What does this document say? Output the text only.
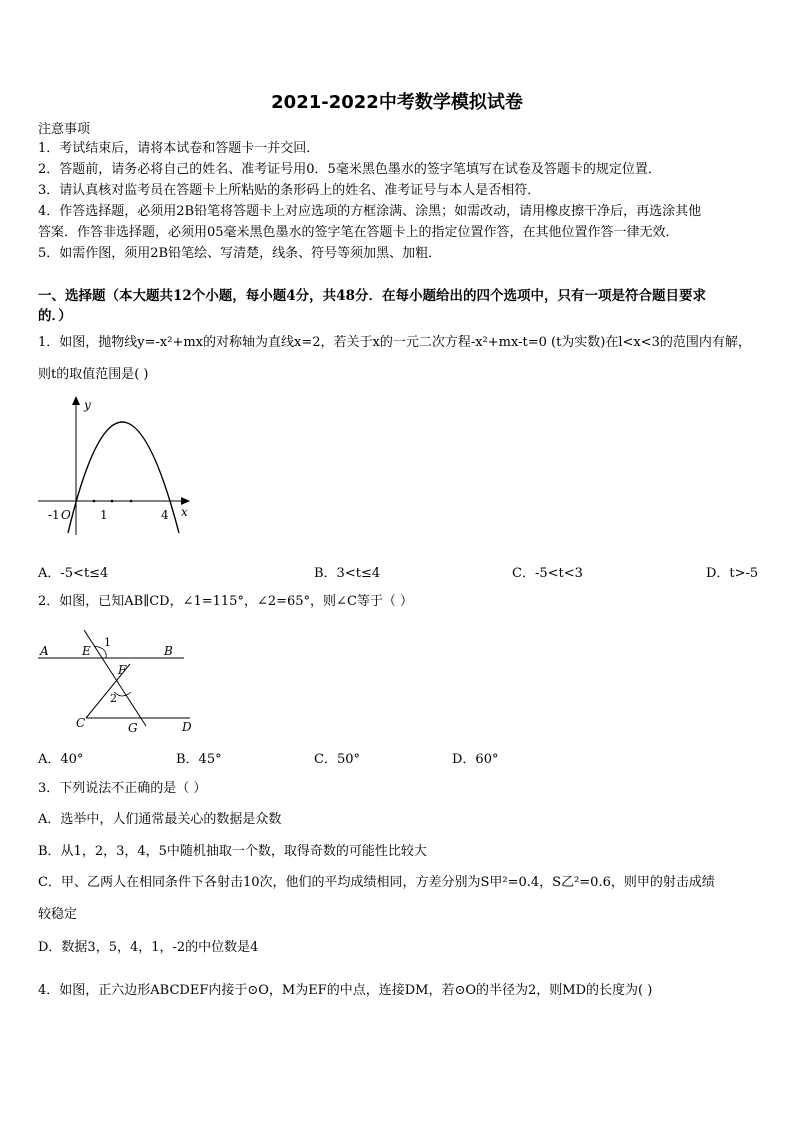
2021-2022中考数学模拟试卷
注意事项
1．考试结束后，请将本试卷和答题卡一并交回．
2．答题前，请务必将自己的姓名、准考证号用0．5毫米黑色墨水的签字笔填写在试卷及答题卡的规定位置．
3．请认真核对监考员在答题卡上所粘贴的条形码上的姓名、准考证号与本人是否相符．
4．作答选择题，必须用2B铅笔将答题卡上对应选项的方框涂满、涂黑；如需改动，请用橡皮擦干净后，再选涂其他
答案．作答非选择题，必须用05毫米黑色墨水的签字笔在答题卡上的指定位置作答，在其他位置作答一律无效．
5．如需作图，须用2B铅笔绘、写清楚，线条、符号等须加黑、加粗．
一、选择题（本大题共12个小题，每小题4分，共48分．在每小题给出的四个选项中，只有一项是符合题目要求
的．）
1．如图，抛物线y=-x²+mx的对称轴为直线x=2，若关于x的一元二次方程-x²+mx-t=0 (t为实数)在l<x<3的范围内有解，
则t的取值范围是( )
y
x
-1 O 1	4
A．-5<t≤4	B．3<t≤4	C．-5<t<3	D．t>-5
2．如图，已知AB∥CD，∠1=115°，∠2=65°，则∠C等于（ ）
A	E
1
B
F
2
C	G	D
A．40°	B．45°	C．50°	D．60°
3．下列说法不正确的是（ ）
A．选举中，人们通常最关心的数据是众数
B．从1，2，3，4，5中随机抽取一个数，取得奇数的可能性比较大
C．甲、乙两人在相同条件下各射击10次，他们的平均成绩相同，方差分别为S甲²=0.4，S乙²=0.6，则甲的射击成绩
较稳定
D．数据3，5，4，1，-2的中位数是4
4．如图，正六边形ABCDEF内接于⊙O，M为EF的中点，连接DM，若⊙O的半径为2，则MD的长度为( )
